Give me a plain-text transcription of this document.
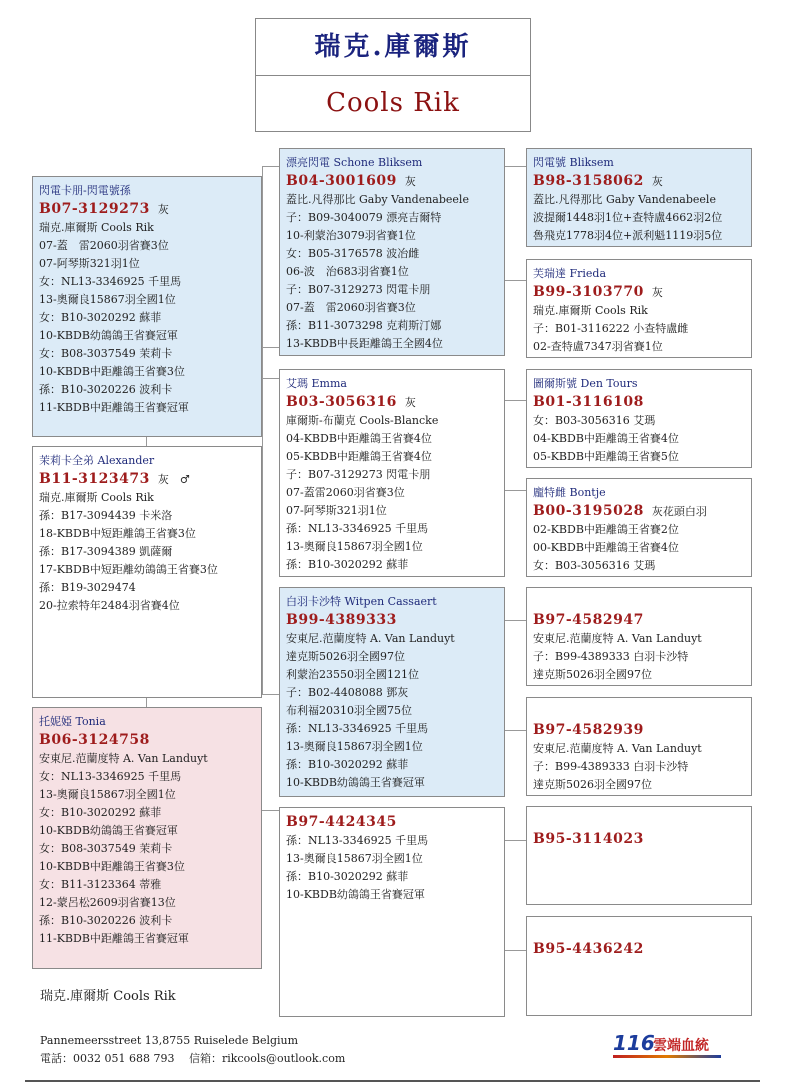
瑞克.庫爾斯
Cools Rik
閃電卡朋-閃電號孫
B07-3129273 灰
瑞克.庫爾斯 Cools Rik
07-蓋　雷2060羽省賽3位
07-阿琴斯321羽1位
女：NL13-3346925 千里馬
13-奧爾良15867羽全國1位
女：B10-3020292 蘇菲
10-KBDB幼鴿鴿王省賽冠軍
女：B08-3037549 茉莉卡
10-KBDB中距離鴿王省賽3位
孫：B10-3020226 波利卡
11-KBDB中距離鴿王省賽冠軍
茉莉卡全弟 Alexander
B11-3123473 灰　♂
瑞克.庫爾斯 Cools Rik
孫：B17-3094439 卡米洛
18-KBDB中短距離鴿王省賽3位
孫：B17-3094389 凱薩爾
17-KBDB中短距離幼鴿鴿王省賽3位
孫：B19-3029474
20-拉索特年2484羽省賽4位
托妮婭 Tonia
B06-3124758
安東尼.范蘭度特 A. Van Landuyt
女：NL13-3346925 千里馬
13-奧爾良15867羽全國1位
女：B10-3020292 蘇菲
10-KBDB幼鴿鴿王省賽冠軍
女：B08-3037549 茉莉卡
10-KBDB中距離鴿王省賽3位
女：B11-3123364 蒂雅
12-蒙呂松2609羽省賽13位
孫：B10-3020226 波利卡
11-KBDB中距離鴿王省賽冠軍
漂亮閃電 Schone Bliksem
B04-3001609 灰
蓋比.凡得那比 Gaby Vandenabeele
子：B09-3040079 漂亮吉爾特
10-利蒙治3079羽省賽1位
女：B05-3176578 波冶雌
06-波　治683羽省賽1位
子：B07-3129273 閃電卡朋
07-蓋　雷2060羽省賽3位
孫：B11-3073298 克莉斯汀娜
13-KBDB中長距離鴿王全國4位
艾瑪 Emma
B03-3056316 灰
庫爾斯-布蘭克 Cools-Blancke
04-KBDB中距離鴿王省賽4位
05-KBDB中距離鴿王省賽4位
子：B07-3129273 閃電卡朋
07-蓋雷2060羽省賽3位
07-阿琴斯321羽1位
孫：NL13-3346925 千里馬
13-奧爾良15867羽全國1位
孫：B10-3020292 蘇菲
白羽卡沙特 Witpen Cassaert
B99-4389333
安東尼.范蘭度特 A. Van Landuyt
達克斯5026羽全國97位
利蒙治23550羽全國121位
子：B02-4408088 鄧灰
布利福20310羽全國75位
孫：NL13-3346925 千里馬
13-奧爾良15867羽全國1位
孫：B10-3020292 蘇菲
10-KBDB幼鴿鴿王省賽冠軍
B97-4424345
孫：NL13-3346925 千里馬
13-奧爾良15867羽全國1位
孫：B10-3020292 蘇菲
10-KBDB幼鴿鴿王省賽冠軍
閃電號 Bliksem
B98-3158062 灰
蓋比.凡得那比 Gaby Vandenabeele
波提爾1448羽1位+查特盧4662羽2位
魯飛克1778羽4位+派利魁1119羽5位
芙瑞達 Frieda
B99-3103770 灰
瑞克.庫爾斯 Cools Rik
子：B01-3116222 小查特盧雌
02-查特盧7347羽省賽1位
圖爾斯號 Den Tours
B01-3116108
女：B03-3056316 艾瑪
04-KBDB中距離鴿王省賽4位
05-KBDB中距離鴿王省賽5位
龐特雌 Bontje
B00-3195028 灰花頭白羽
02-KBDB中距離鴿王省賽2位
00-KBDB中距離鴿王省賽4位
女：B03-3056316 艾瑪
B97-4582947
安東尼.范蘭度特 A. Van Landuyt
子：B99-4389333 白羽卡沙特
達克斯5026羽全國97位
B97-4582939
安東尼.范蘭度特 A. Van Landuyt
子：B99-4389333 白羽卡沙特
達克斯5026羽全國97位
B95-3114023
B95-4436242
瑞克.庫爾斯 Cools Rik
Pannemeersstreet 13,8755 Ruiselede Belgium
電話：0032 051 688 793　 信箱：rikcools@outlook.com
116
雲端血統
